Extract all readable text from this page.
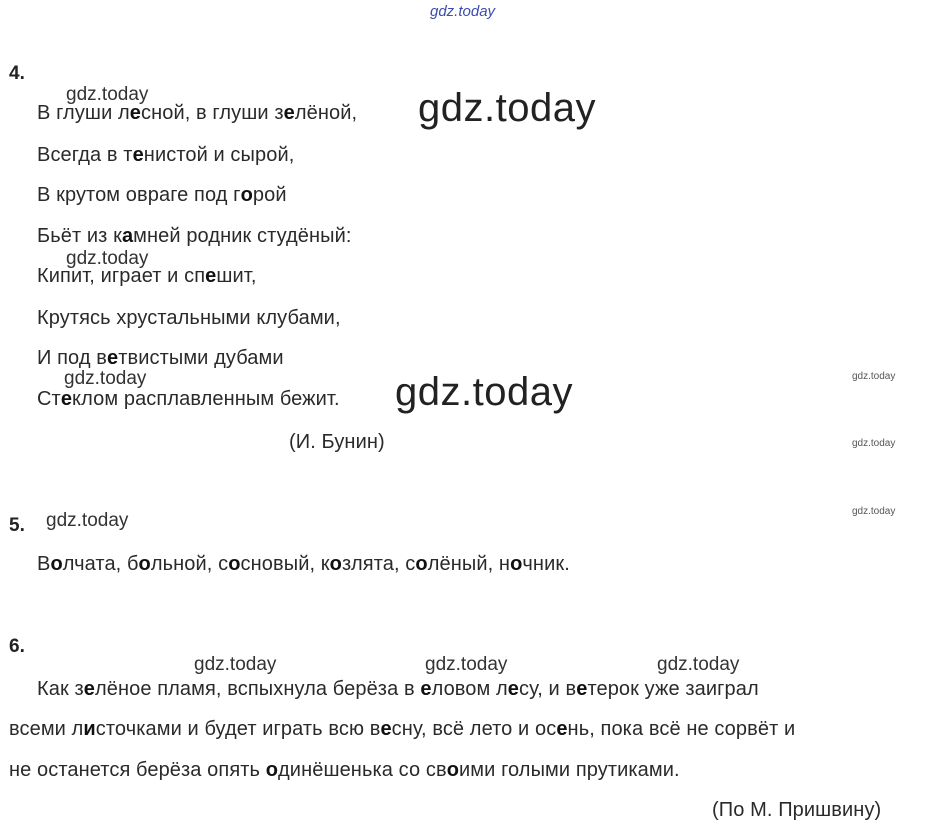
gdz.today
4.
gdz.today
В глуши лесной, в глуши зелёной, gdz.today
Всегда в тенистой и сырой,
В крутом овраге под горой
Бьёт из камней родник студёный:
gdz.today
Кипит, играет и спешит,
Крутясь хрустальными клубами,
И под ветвистыми дубами
gdz.today
Стеклом расплавленным бежит. gdz.today	gdz.today
(И. Бунин)	gdz.today
5. gdz.today	gdz.today
Волчата, больной, сосновый, козлята, солёный, ночник.
6.
gdz.today	gdz.today	gdz.today
Как зелёное пламя, вспыхнула берёза в еловом лесу, и ветерок уже заиграл
всеми листочками и будет играть всю весну, всё лето и осень, пока всё не сорвёт и
не останется берёза опять одинёшенька со своими голыми прутиками.
(По М. Пришвину)
